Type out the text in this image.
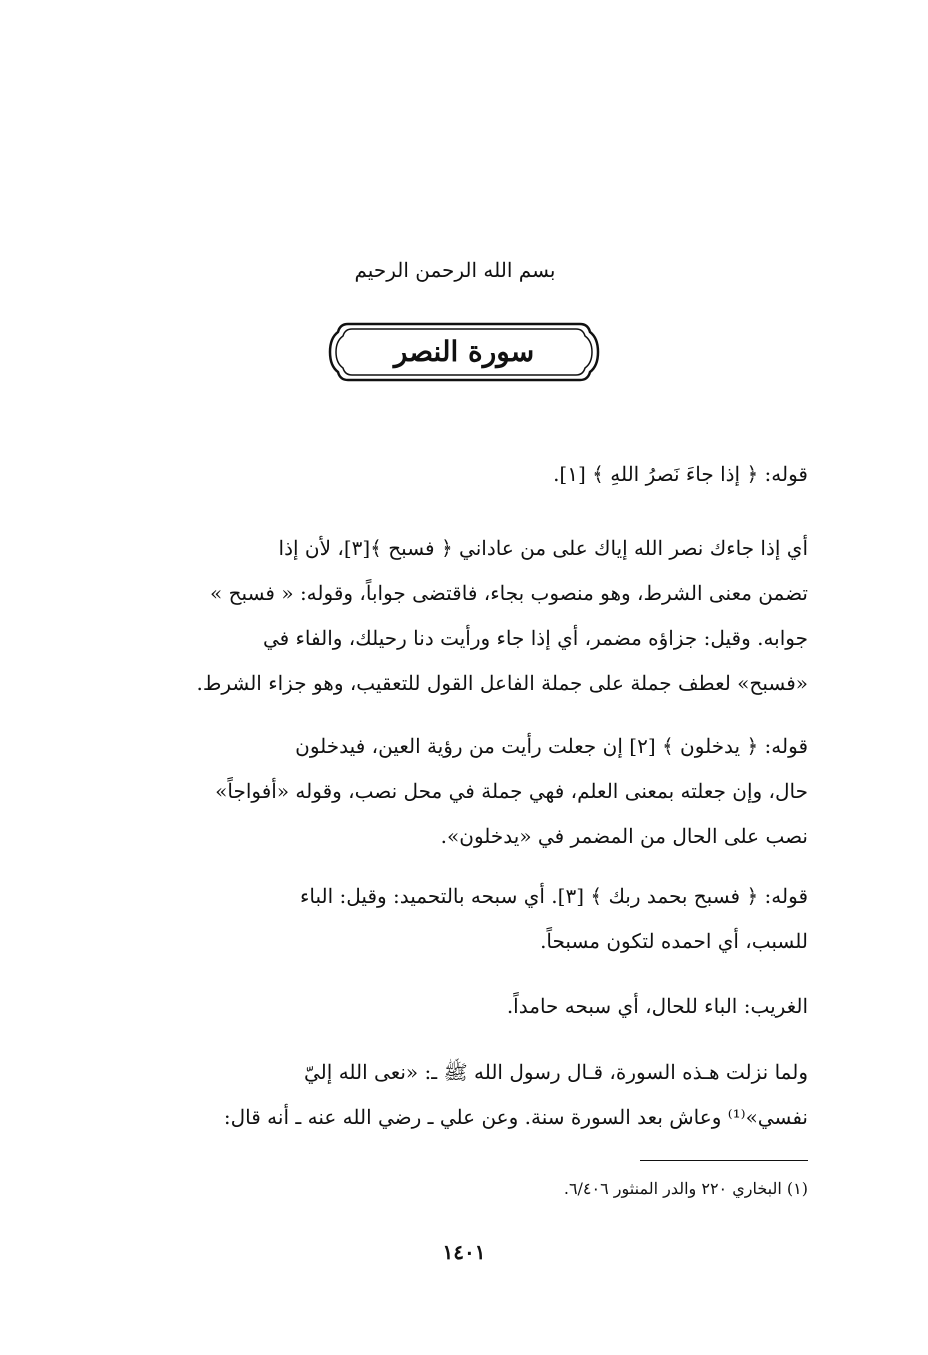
بسم الله الرحمن الرحيم
سورة النصر
قوله: ﴿ إذا جاءَ نَصرُ اللهِ ﴾ [١].
أي إذا جاءك نصر الله إياك على من عاداني ﴿ فسبح ﴾[٣]، لأن إذا
تضمن معنى الشرط، وهو منصوب بجاء، فاقتضى جواباً، وقوله: « فسبح »
جوابه. وقيل: جزاؤه مضمر، أي إذا جاء ورأيت دنا رحيلك، والفاء في
«فسبح» لعطف جملة على جملة الفاعل القول للتعقيب، وهو جزاء الشرط.
قوله: ﴿ يدخلون ﴾ [٢] إن جعلت رأيت من رؤية العين، فيدخلون
حال، وإن جعلته بمعنى العلم، فهي جملة في محل نصب، وقوله «أفواجاً»
نصب على الحال من المضمر في «يدخلون».
قوله: ﴿ فسبح بحمد ربك ﴾ [٣]. أي سبحه بالتحميد: وقيل: الباء
للسبب، أي احمده لتكون مسبحاً.
الغريب: الباء للحال، أي سبحه حامداً.
ولما نزلت هـذه السورة، قـال رسول الله ﷺ ـ: «نعى الله إليّ
نفسي»⁽¹⁾ وعاش بعد السورة سنة. وعن علي ـ رضي الله عنه ـ أنه قال:
(١) البخاري ٢٢٠ والدر المنثور ٦/٤٠٦.
١٤٠١
